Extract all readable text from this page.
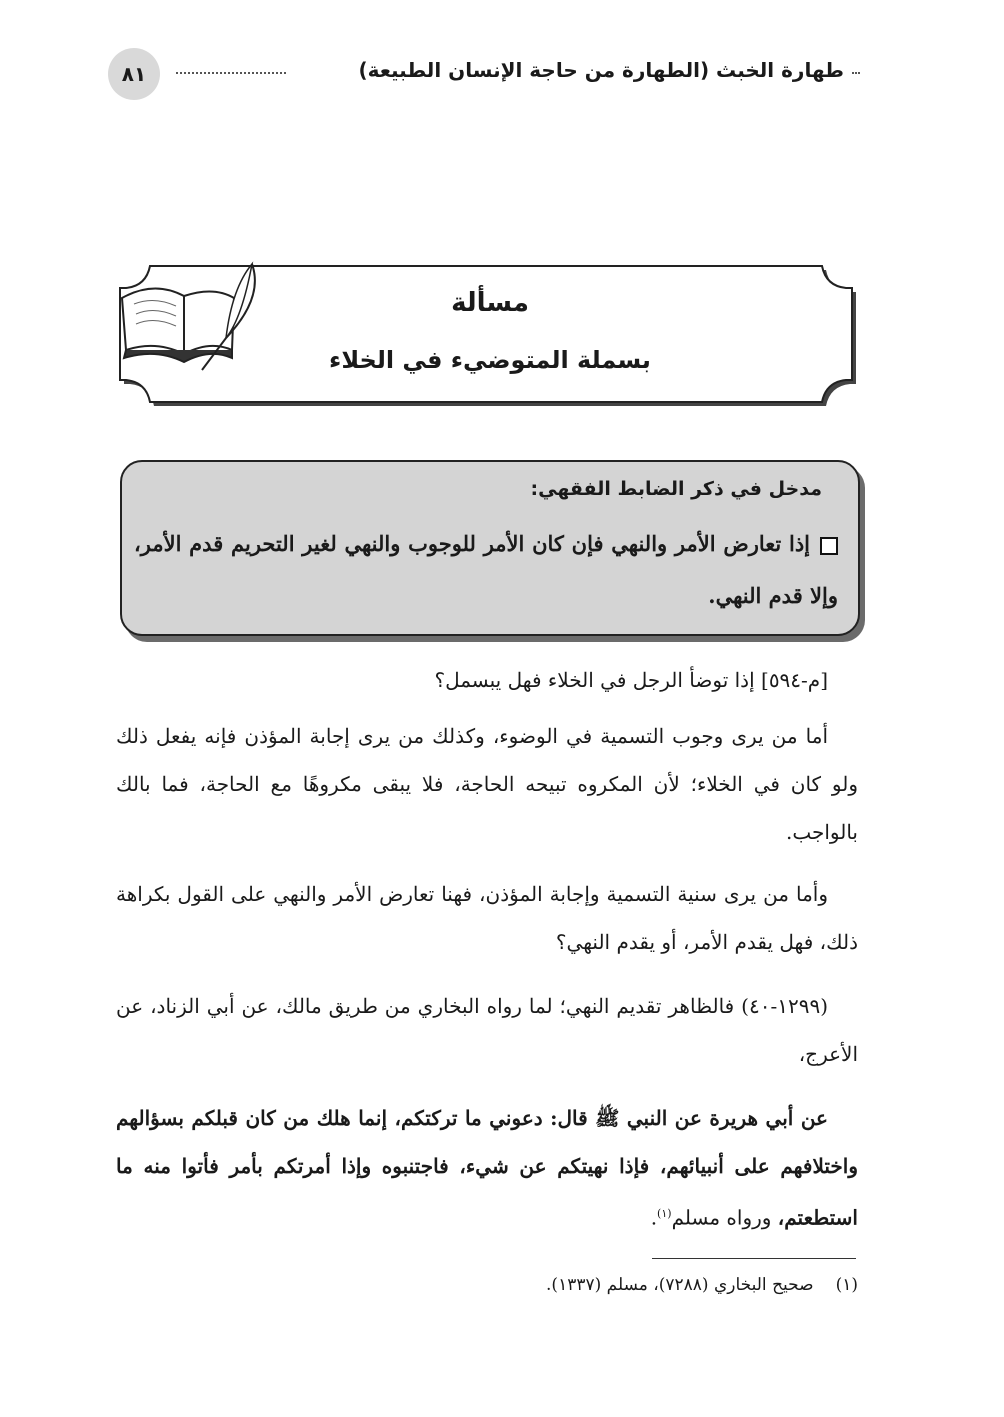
طهارة الخبث (الطهارة من حاجة الإنسان الطبيعة)
٨١
مسألة
بسملة المتوضيء في الخلاء
مدخل في ذكر الضابط الفقهي:
إذا تعارض الأمر والنهي فإن كان الأمر للوجوب والنهي لغير التحريم قدم الأمر، وإلا قدم النهي.

[م-٥٩٤] إذا توضأ الرجل في الخلاء فهل يبسمل؟

أما من يرى وجوب التسمية في الوضوء، وكذلك من يرى إجابة المؤذن فإنه يفعل ذلك ولو كان في الخلاء؛ لأن المكروه تبيحه الحاجة، فلا يبقى مكروهًا مع الحاجة، فما بالك بالواجب.

وأما من يرى سنية التسمية وإجابة المؤذن، فهنا تعارض الأمر والنهي على القول بكراهة ذلك، فهل يقدم الأمر، أو يقدم النهي؟

(١٢٩٩-٤٠) فالظاهر تقديم النهي؛ لما رواه البخاري من طريق مالك، عن أبي الزناد، عن الأعرج،

عن أبي هريرة عن النبي ﷺ قال: دعوني ما تركتكم، إنما هلك من كان قبلكم بسؤالهم واختلافهم على أنبيائهم، فإذا نهيتكم عن شيء، فاجتنبوه وإذا أمرتكم بأمر فأتوا منه ما استطعتم، ورواه مسلم$^{(١)}$.

(١)صحيح البخاري (٧٢٨٨)، مسلم (١٣٣٧).
